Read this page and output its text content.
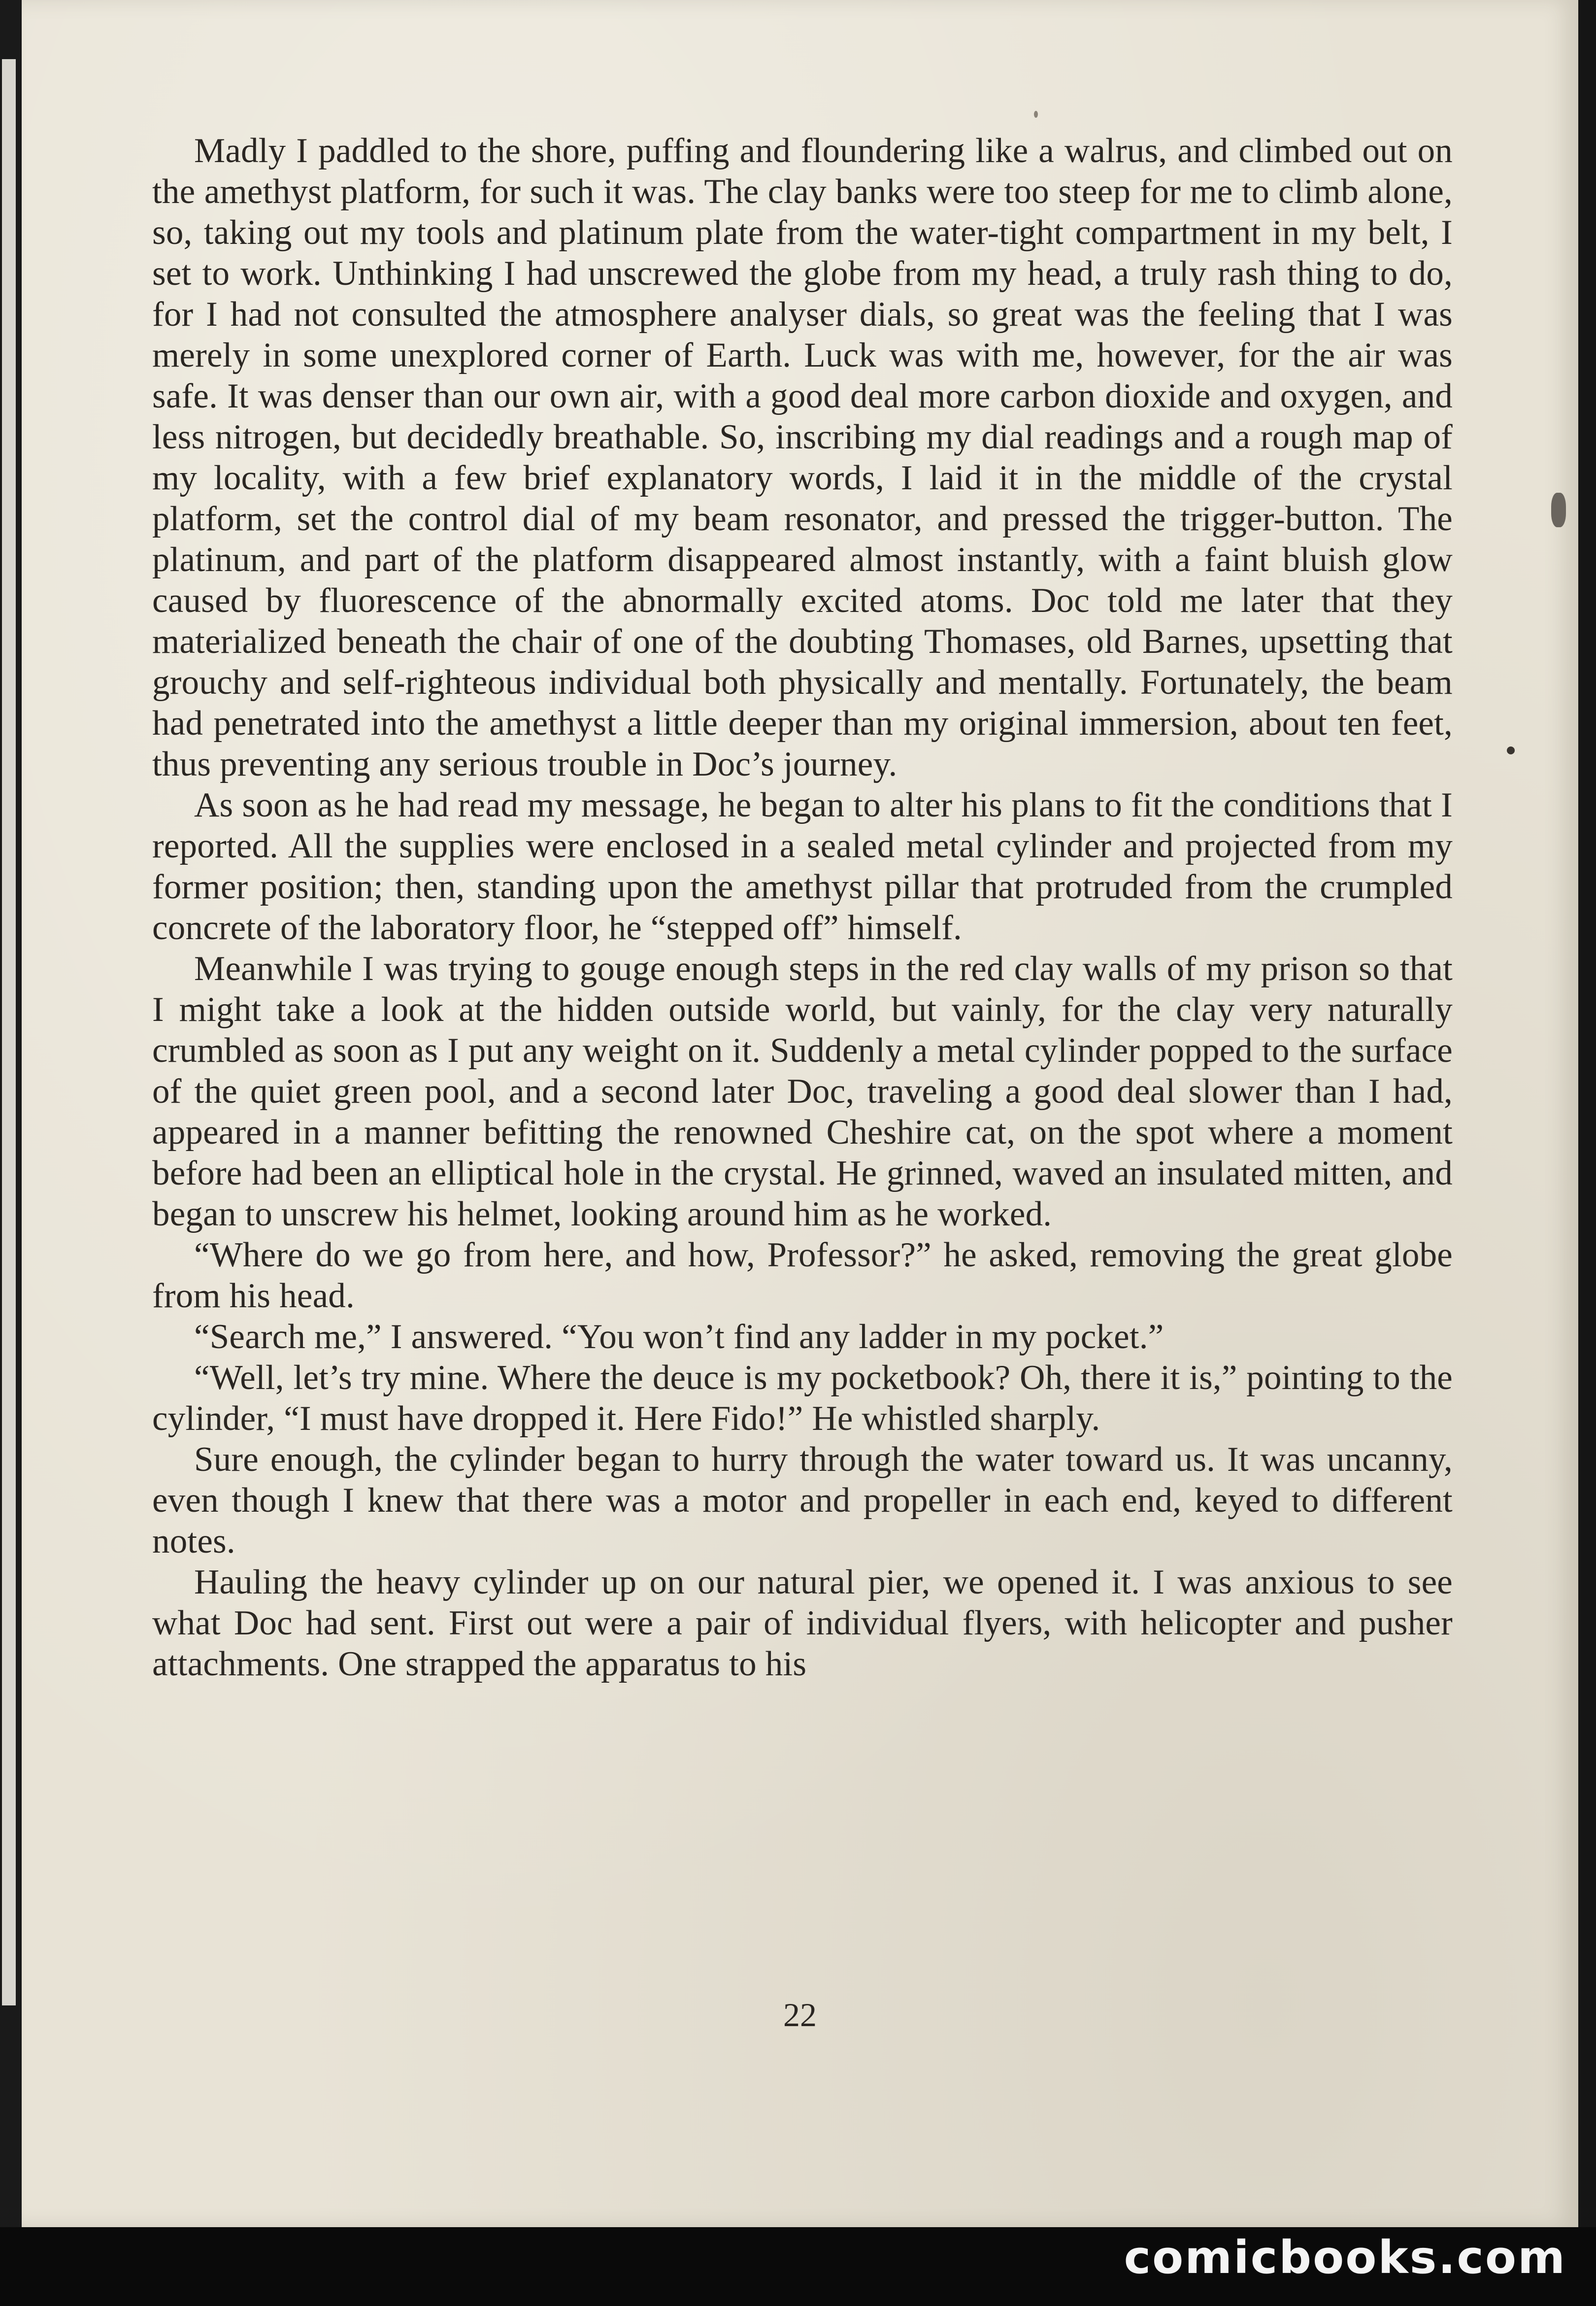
Madly I paddled to the shore, puffing and floundering like a walrus, and climbed out on the amethyst platform, for such it was. The clay banks were too steep for me to climb alone, so, taking out my tools and platinum plate from the water-tight compartment in my belt, I set to work. Unthinking I had unscrewed the globe from my head, a truly rash thing to do, for I had not consulted the atmosphere analyser dials, so great was the feeling that I was merely in some unexplored corner of Earth. Luck was with me, however, for the air was safe. It was denser than our own air, with a good deal more carbon dioxide and oxygen, and less nitrogen, but decidedly breathable. So, inscribing my dial readings and a rough map of my locality, with a few brief explanatory words, I laid it in the middle of the crystal platform, set the control dial of my beam resonator, and pressed the trigger-button. The platinum, and part of the platform disappeared almost instantly, with a faint bluish glow caused by fluorescence of the abnormally excited atoms. Doc told me later that they materialized beneath the chair of one of the doubting Thomases, old Barnes, upsetting that grouchy and self-righteous individual both physically and mentally. Fortunately, the beam had penetrated into the amethyst a little deeper than my original immersion, about ten feet, thus preventing any serious trouble in Doc’s journey.

As soon as he had read my message, he began to alter his plans to fit the conditions that I reported. All the supplies were enclosed in a sealed metal cylinder and projected from my former position; then, standing upon the amethyst pillar that protruded from the crumpled concrete of the laboratory floor, he “stepped off” himself.

Meanwhile I was trying to gouge enough steps in the red clay walls of my prison so that I might take a look at the hidden outside world, but vainly, for the clay very naturally crumbled as soon as I put any weight on it. Suddenly a metal cylinder popped to the surface of the quiet green pool, and a second later Doc, traveling a good deal slower than I had, appeared in a manner befitting the renowned Cheshire cat, on the spot where a moment before had been an elliptical hole in the crystal. He grinned, waved an insulated mitten, and began to unscrew his helmet, looking around him as he worked.

“Where do we go from here, and how, Professor?” he asked, removing the great globe from his head.

“Search me,” I answered. “You won’t find any ladder in my pocket.”

“Well, let’s try mine. Where the deuce is my pocketbook? Oh, there it is,” pointing to the cylinder, “I must have dropped it. Here Fido!” He whistled sharply.

Sure enough, the cylinder began to hurry through the water toward us. It was uncanny, even though I knew that there was a motor and propeller in each end, keyed to different notes.

Hauling the heavy cylinder up on our natural pier, we opened it. I was anxious to see what Doc had sent. First out were a pair of individual flyers, with helicopter and pusher attachments. One strapped the apparatus to his

22
comicbooks.com
